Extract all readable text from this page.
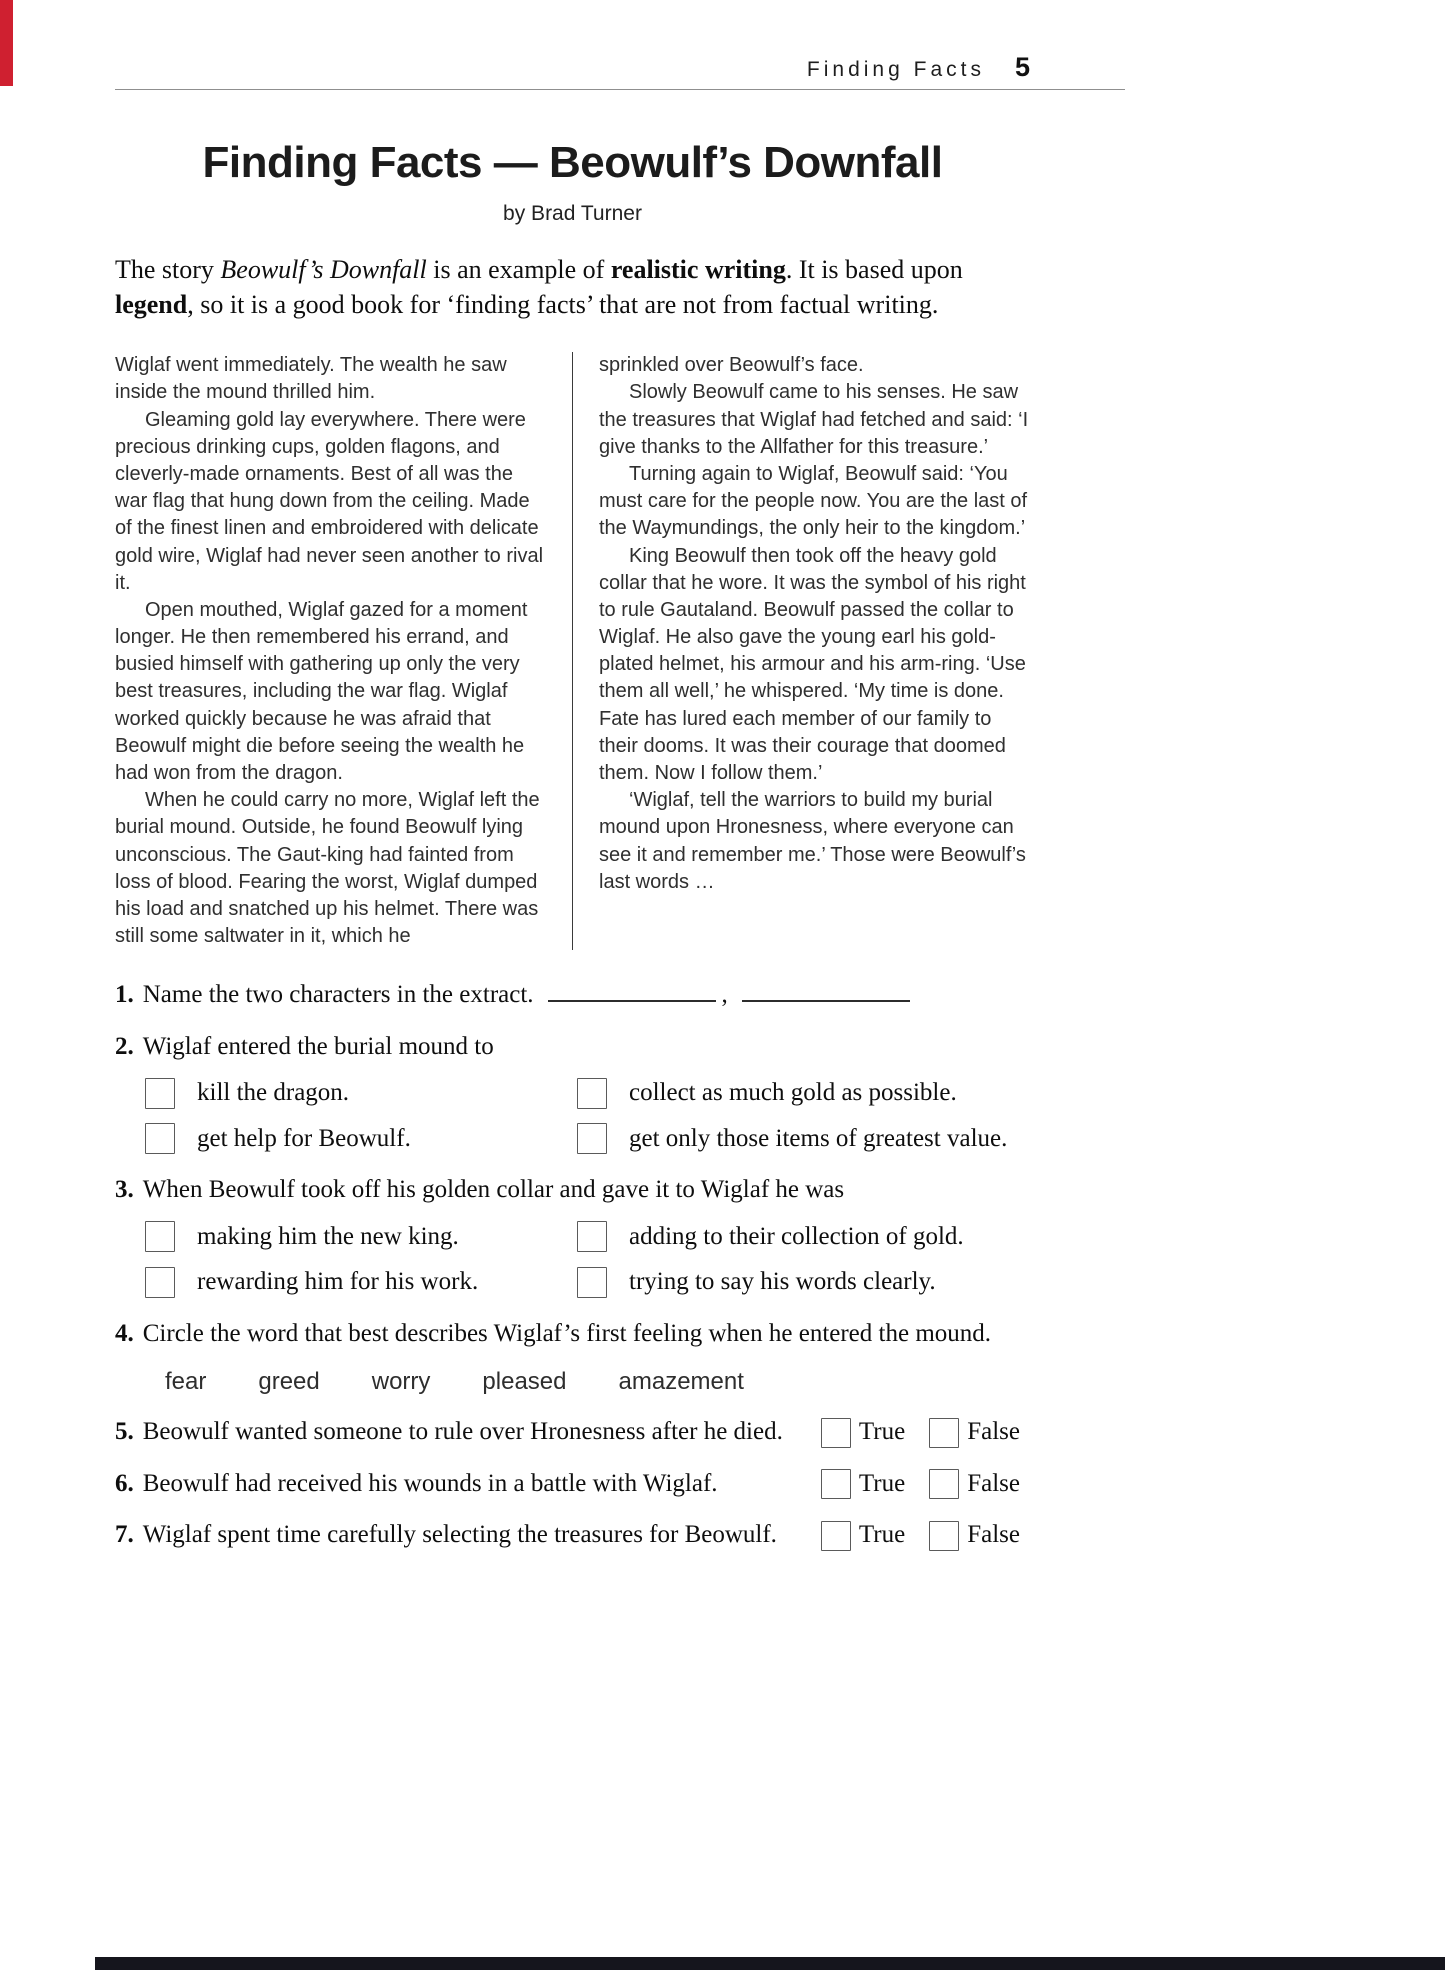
Finding Facts 5
Finding Facts — Beowulf’s Downfall
by Brad Turner

The story Beowulf’s Downfall is an example of realistic writing. It is based upon legend, so it is a good book for ‘finding facts’ that are not from factual writing.

Wiglaf went immediately. The wealth he saw inside the mound thrilled him.

Gleaming gold lay everywhere. There were precious drinking cups, golden flagons, and cleverly-made ornaments. Best of all was the war flag that hung down from the ceiling. Made of the finest linen and embroidered with delicate gold wire, Wiglaf had never seen another to rival it.

Open mouthed, Wiglaf gazed for a moment longer. He then remembered his errand, and busied himself with gathering up only the very best treasures, including the war flag. Wiglaf worked quickly because he was afraid that Beowulf might die before seeing the wealth he had won from the dragon.

When he could carry no more, Wiglaf left the burial mound. Outside, he found Beowulf lying unconscious. The Gaut-king had fainted from loss of blood. Fearing the worst, Wiglaf dumped his load and snatched up his helmet. There was still some saltwater in it, which he

sprinkled over Beowulf’s face.

Slowly Beowulf came to his senses. He saw the treasures that Wiglaf had fetched and said: ‘I give thanks to the Allfather for this treasure.’

Turning again to Wiglaf, Beowulf said: ‘You must care for the people now. You are the last of the Waymundings, the only heir to the kingdom.’

King Beowulf then took off the heavy gold collar that he wore. It was the symbol of his right to rule Gautaland. Beowulf passed the collar to Wiglaf. He also gave the young earl his gold-plated helmet, his armour and his arm-ring. ‘Use them all well,’ he whispered. ‘My time is done. Fate has lured each member of our family to their dooms. It was their courage that doomed them. Now I follow them.’

‘Wiglaf, tell the warriors to build my burial mound upon Hronesness, where everyone can see it and remember me.’ Those were Beowulf’s last words …

1. Name the two characters in the extract.	,
2. Wiglaf entered the burial mound to
kill the dragon.	collect as much gold as possible.
get help for Beowulf.	get only those items of greatest value.
3. When Beowulf took off his golden collar and gave it to Wiglaf he was
making him the new king.	adding to their collection of gold.
rewarding him for his work.	trying to say his words clearly.
4. Circle the word that best describes Wiglaf’s first feeling when he entered the mound.
fear greed worry pleased amazement
5. Beowulf wanted someone to rule over Hronesness after he died.	True False
6. Beowulf had received his wounds in a battle with Wiglaf.	True False
7. Wiglaf spent time carefully selecting the treasures for Beowulf.	True False
